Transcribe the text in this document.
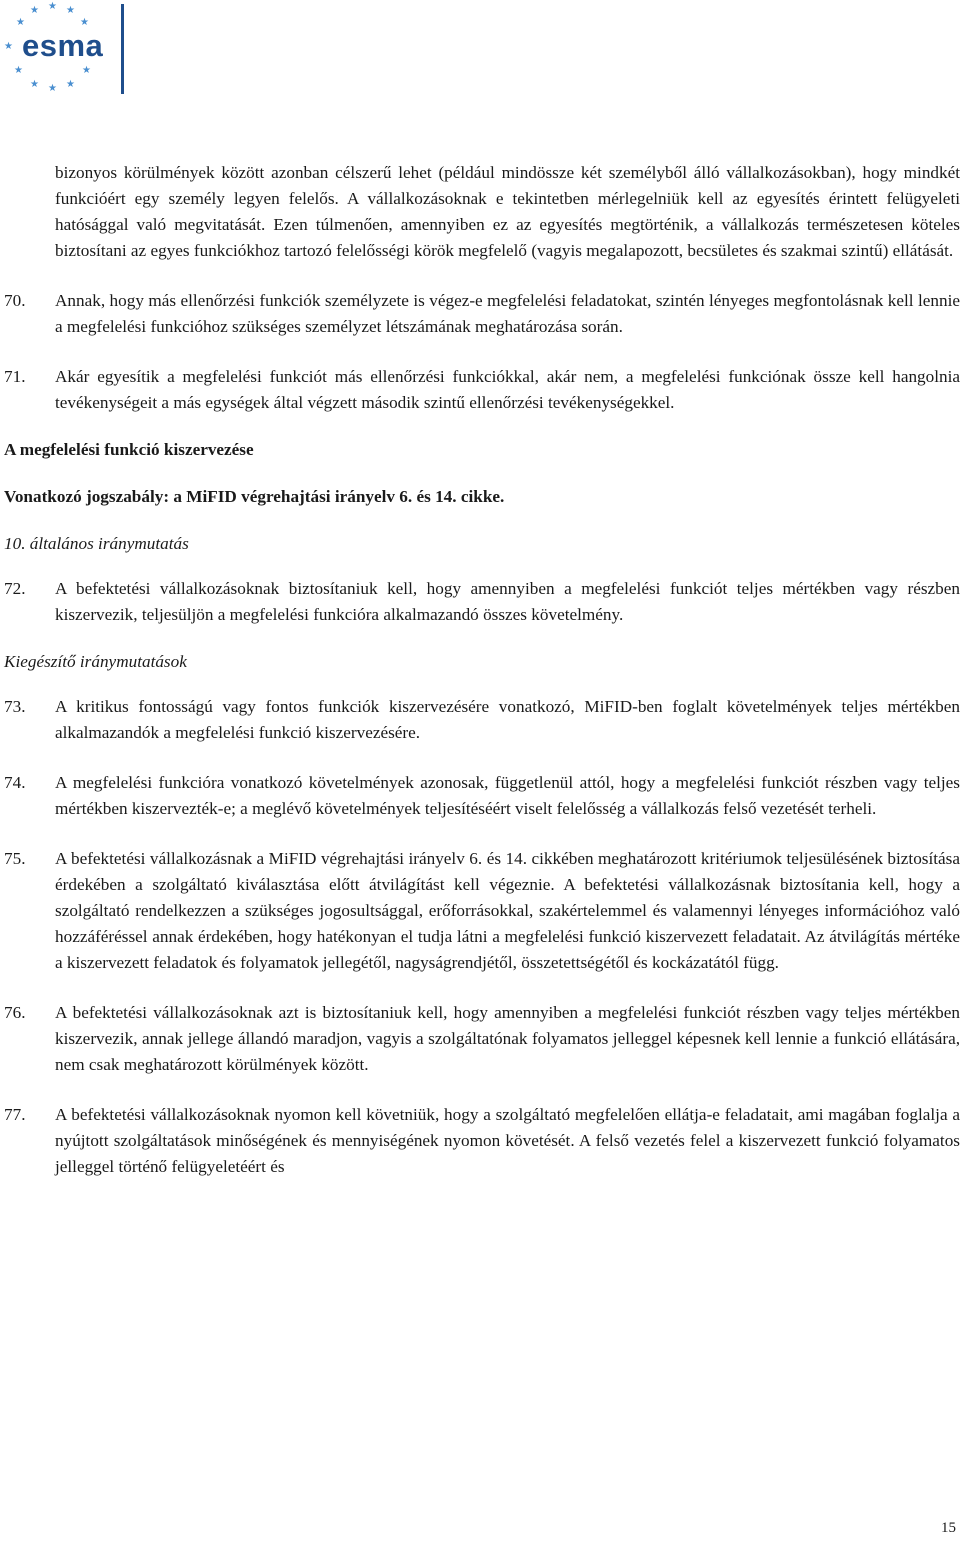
★ ★
★
★
★
★
★
★ ★ ★
★
esma

bizonyos körülmények között azonban célszerű lehet (például mindössze két személyből álló vállalkozásokban), hogy mindkét funkcióért egy személy legyen felelős. A vállalkozásoknak e tekintetben mérlegelniük kell az egyesítés érintett felügyeleti hatósággal való megvitatását. Ezen túlmenően, amennyiben ez az egyesítés megtörténik, a vállalkozás természetesen köteles biztosítani az egyes funkciókhoz tartozó felelősségi körök megfelelő (vagyis megalapozott, becsületes és szakmai szintű) ellátását.

70. Annak, hogy más ellenőrzési funkciók személyzete is végez-e megfelelési feladatokat, szintén lényeges megfontolásnak kell lennie a megfelelési funkcióhoz szükséges személyzet létszámának meghatározása során.
71. Akár egyesítik a megfelelési funkciót más ellenőrzési funkciókkal, akár nem, a megfelelési funkciónak össze kell hangolnia tevékenységeit a más egységek által végzett második szintű ellenőrzési tevékenységekkel.

A megfelelési funkció kiszervezése

Vonatkozó jogszabály: a MiFID végrehajtási irányelv 6. és 14. cikke.

10. általános iránymutatás

72. A befektetési vállalkozásoknak biztosítaniuk kell, hogy amennyiben a megfelelési funkciót teljes mértékben vagy részben kiszervezik, teljesüljön a megfelelési funkcióra alkalmazandó összes követelmény.

Kiegészítő iránymutatások

73. A kritikus fontosságú vagy fontos funkciók kiszervezésére vonatkozó, MiFID-ben foglalt követelmények teljes mértékben alkalmazandók a megfelelési funkció kiszervezésére.
74. A megfelelési funkcióra vonatkozó követelmények azonosak, függetlenül attól, hogy a megfelelési funkciót részben vagy teljes mértékben kiszervezték-e; a meglévő követelmények teljesítéséért viselt felelősség a vállalkozás felső vezetését terheli.
75. A befektetési vállalkozásnak a MiFID végrehajtási irányelv 6. és 14. cikkében meghatározott kritériumok teljesülésének biztosítása érdekében a szolgáltató kiválasztása előtt átvilágítást kell végeznie. A befektetési vállalkozásnak biztosítania kell, hogy a szolgáltató rendelkezzen a szükséges jogosultsággal, erőforrásokkal, szakértelemmel és valamennyi lényeges információhoz való hozzáféréssel annak érdekében, hogy hatékonyan el tudja látni a megfelelési funkció kiszervezett feladatait. Az átvilágítás mértéke a kiszervezett feladatok és folyamatok jellegétől, nagyságrendjétől, összetettségétől és kockázatától függ.
76. A befektetési vállalkozásoknak azt is biztosítaniuk kell, hogy amennyiben a megfelelési funkciót részben vagy teljes mértékben kiszervezik, annak jellege állandó maradjon, vagyis a szolgáltatónak folyamatos jelleggel képesnek kell lennie a funkció ellátására, nem csak meghatározott körülmények között.
77. A befektetési vállalkozásoknak nyomon kell követniük, hogy a szolgáltató megfelelően ellátja-e feladatait, ami magában foglalja a nyújtott szolgáltatások minőségének és mennyiségének nyomon követését. A felső vezetés felel a kiszervezett funkció folyamatos jelleggel történő felügyeletéért és
15
